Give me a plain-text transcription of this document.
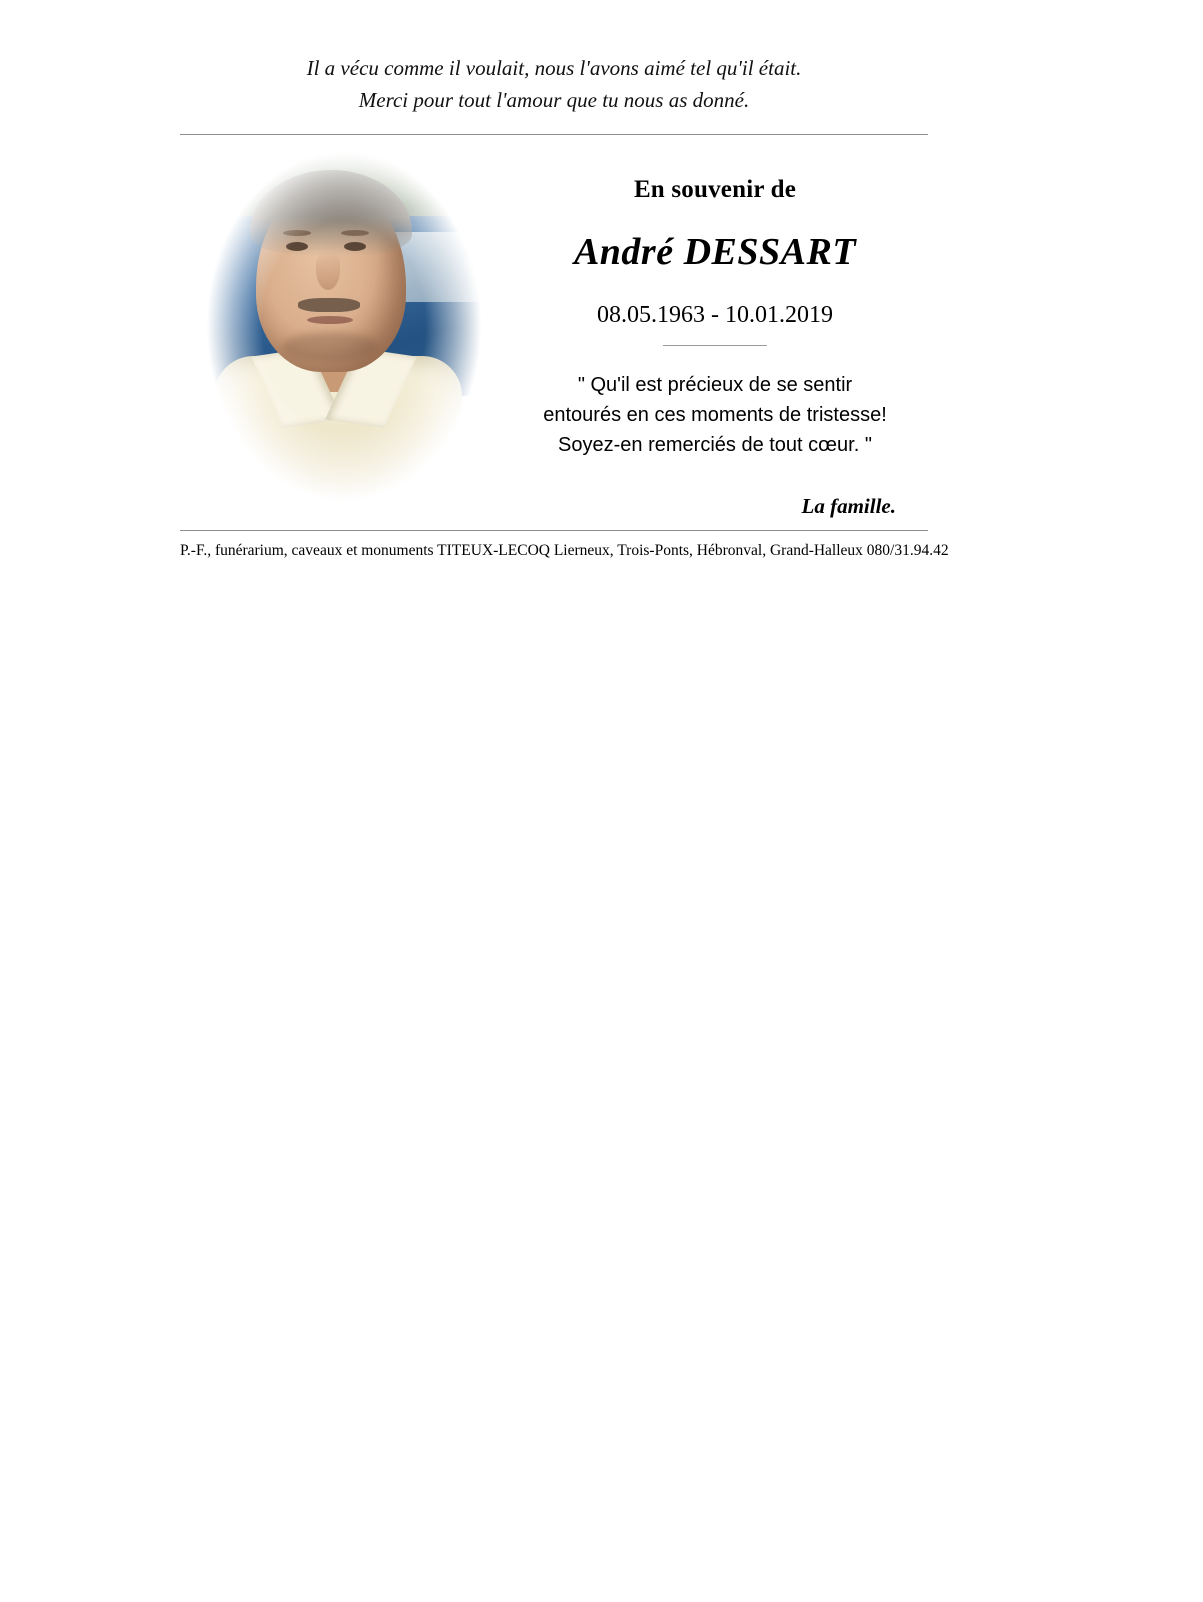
Il a vécu comme il voulait, nous l'avons aimé tel qu'il était.
Merci pour tout l'amour que tu nous as donné.
En souvenir de
André DESSART
08.05.1963 - 10.01.2019
" Qu'il est précieux de se sentir
entourés en ces moments de tristesse!
Soyez-en remerciés de tout cœur. "
La famille.
P.-F., funérarium, caveaux et monuments TITEUX-LECOQ Lierneux, Trois-Ponts, Hébronval, Grand-Halleux 080/31.94.42
